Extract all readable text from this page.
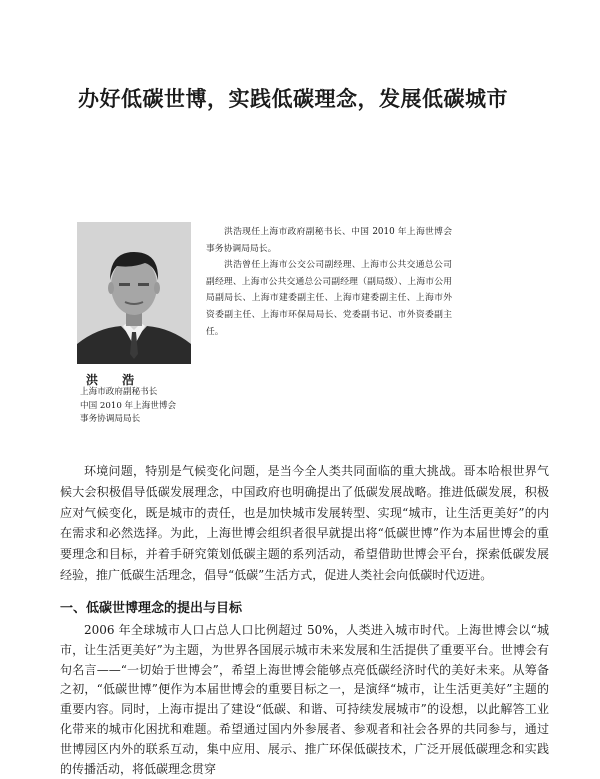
办好低碳世博，实践低碳理念，发展低碳城市

洪浩现任上海市政府副秘书长、中国 2010 年上海世博会事务协调局局长。

洪浩曾任上海市公交公司副经理、上海市公共交通总公司副经理、上海市公共交通总公司副经理（副局级）、上海市公用局副局长、上海市建委副主任、上海市建委副主任、上海市外资委副主任、上海市环保局局长、党委副书记、市外资委副主任。

洪 浩
上海市政府副秘书长
中国 2010 年上海世博会
事务协调局局长

环境问题，特别是气候变化问题，是当今全人类共同面临的重大挑战。哥本哈根世界气候大会积极倡导低碳发展理念，中国政府也明确提出了低碳发展战略。推进低碳发展，积极应对气候变化，既是城市的责任，也是加快城市发展转型、实现“城市，让生活更美好”的内在需求和必然选择。为此，上海世博会组织者很早就提出将“低碳世博”作为本届世博会的重要理念和目标，并着手研究策划低碳主题的系列活动，希望借助世博会平台，探索低碳发展经验，推广低碳生活理念，倡导“低碳”生活方式，促进人类社会向低碳时代迈进。

一、低碳世博理念的提出与目标

2006 年全球城市人口占总人口比例超过 50%，人类进入城市时代。上海世博会以“城市，让生活更美好”为主题，为世界各国展示城市未来发展和生活提供了重要平台。世博会有句名言——“一切始于世博会”，希望上海世博会能够点亮低碳经济时代的美好未来。从筹备之初，“低碳世博”便作为本届世博会的重要目标之一，是演绎“城市，让生活更美好”主题的重要内容。同时，上海市提出了建设“低碳、和谐、可持续发展城市”的设想，以此解答工业化带来的城市化困扰和难题。希望通过国内外参展者、参观者和社会各界的共同参与，通过世博园区内外的联系互动，集中应用、展示、推广环保低碳技术，广泛开展低碳理念和实践的传播活动，将低碳理念贯穿
